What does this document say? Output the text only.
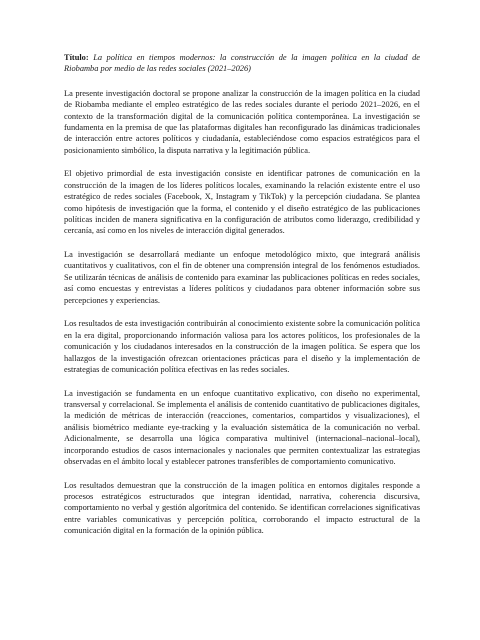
Título: La política en tiempos modernos: la construcción de la imagen política en la ciudad de Riobamba por medio de las redes sociales (2021–2026)

La presente investigación doctoral se propone analizar la construcción de la imagen política en la ciudad de Riobamba mediante el empleo estratégico de las redes sociales durante el periodo 2021–2026, en el contexto de la transformación digital de la comunicación política contemporánea. La investigación se fundamenta en la premisa de que las plataformas digitales han reconfigurado las dinámicas tradicionales de interacción entre actores políticos y ciudadanía, estableciéndose como espacios estratégicos para el posicionamiento simbólico, la disputa narrativa y la legitimación pública.

El objetivo primordial de esta investigación consiste en identificar patrones de comunicación en la construcción de la imagen de los líderes políticos locales, examinando la relación existente entre el uso estratégico de redes sociales (Facebook, X, Instagram y TikTok) y la percepción ciudadana. Se plantea como hipótesis de investigación que la forma, el contenido y el diseño estratégico de las publicaciones políticas inciden de manera significativa en la configuración de atributos como liderazgo, credibilidad y cercanía, así como en los niveles de interacción digital generados.

La investigación se desarrollará mediante un enfoque metodológico mixto, que integrará análisis cuantitativos y cualitativos, con el fin de obtener una comprensión integral de los fenómenos estudiados. Se utilizarán técnicas de análisis de contenido para examinar las publicaciones políticas en redes sociales, así como encuestas y entrevistas a líderes políticos y ciudadanos para obtener información sobre sus percepciones y experiencias.

Los resultados de esta investigación contribuirán al conocimiento existente sobre la comunicación política en la era digital, proporcionando información valiosa para los actores políticos, los profesionales de la comunicación y los ciudadanos interesados en la construcción de la imagen política. Se espera que los hallazgos de la investigación ofrezcan orientaciones prácticas para el diseño y la implementación de estrategias de comunicación política efectivas en las redes sociales.

La investigación se fundamenta en un enfoque cuantitativo explicativo, con diseño no experimental, transversal y correlacional. Se implementa el análisis de contenido cuantitativo de publicaciones digitales, la medición de métricas de interacción (reacciones, comentarios, compartidos y visualizaciones), el análisis biométrico mediante eye-tracking y la evaluación sistemática de la comunicación no verbal. Adicionalmente, se desarrolla una lógica comparativa multinivel (internacional–nacional–local), incorporando estudios de casos internacionales y nacionales que permiten contextualizar las estrategias observadas en el ámbito local y establecer patrones transferibles de comportamiento comunicativo.

Los resultados demuestran que la construcción de la imagen política en entornos digitales responde a procesos estratégicos estructurados que integran identidad, narrativa, coherencia discursiva, comportamiento no verbal y gestión algorítmica del contenido. Se identifican correlaciones significativas entre variables comunicativas y percepción política, corroborando el impacto estructural de la comunicación digital en la formación de la opinión pública.
